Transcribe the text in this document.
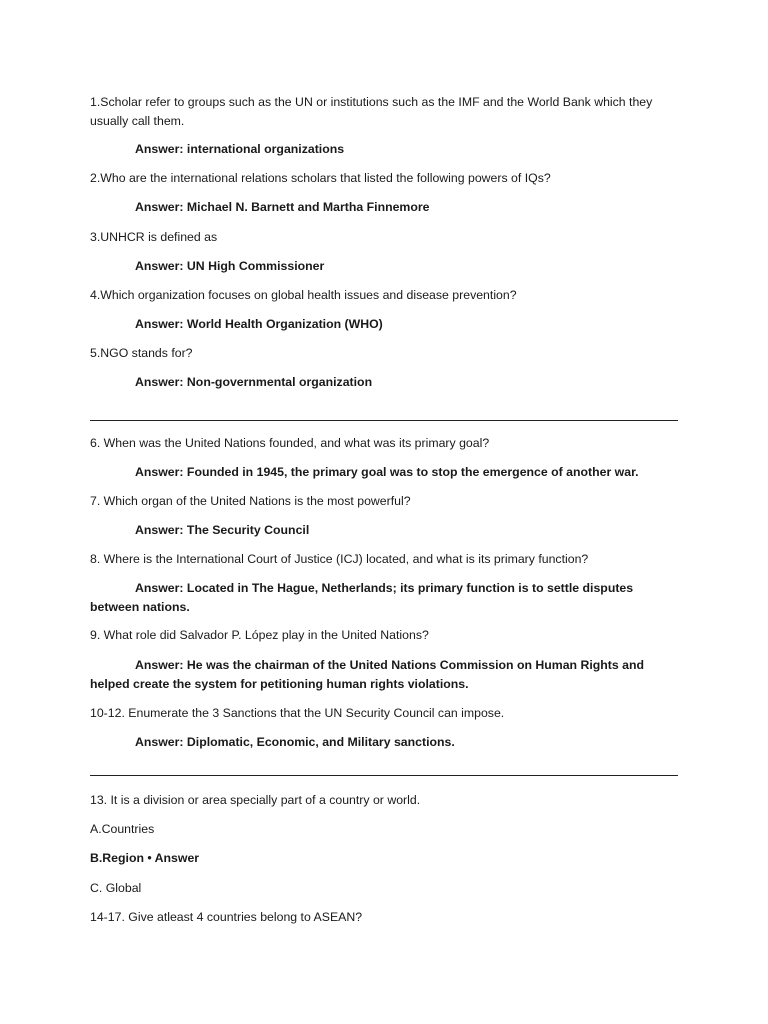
1.Scholar refer to groups such as the UN or institutions such as the IMF and the World Bank which they usually call them.
Answer: international organizations
2.Who are the international relations scholars that listed the following powers of IQs?
Answer: Michael N. Barnett and Martha Finnemore
3.UNHCR is defined as
Answer: UN High Commissioner
4.Which organization focuses on global health issues and disease prevention?
Answer: World Health Organization (WHO)
5.NGO stands for?
Answer: Non-governmental organization
6. When was the United Nations founded, and what was its primary goal?
Answer: Founded in 1945, the primary goal was to stop the emergence of another war.
7. Which organ of the United Nations is the most powerful?
Answer: The Security Council
8. Where is the International Court of Justice (ICJ) located, and what is its primary function?
Answer: Located in The Hague, Netherlands; its primary function is to settle disputes between nations.
9. What role did Salvador P. López play in the United Nations?
Answer: He was the chairman of the United Nations Commission on Human Rights and helped create the system for petitioning human rights violations.
10-12. Enumerate the 3 Sanctions that the UN Security Council can impose.
Answer: Diplomatic, Economic, and Military sanctions.
13. It is a division or area specially part of a country or world.
A.Countries
B.Region • Answer
C. Global
14-17. Give atleast 4 countries belong to ASEAN?
